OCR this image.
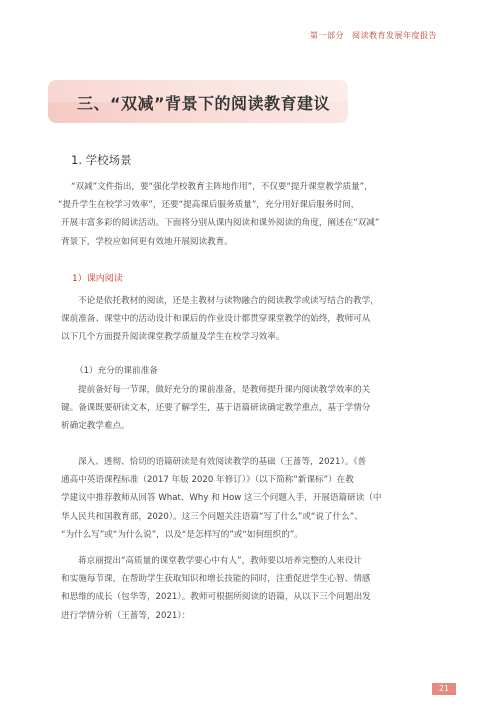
第一部分 阅读教育发展年度报告
三、“双减”背景下的阅读教育建议
1. 学校场景
“双减”文件指出，要“强化学校教育主阵地作用”，不仅要“提升课堂教学质量”，
“提升学生在校学习效率”，还要“提高课后服务质量”，充分用好课后服务时间，
开展丰富多彩的阅读活动。下面将分别从课内阅读和课外阅读的角度，阐述在“双减”
背景下，学校应如何更有效地开展阅读教育。
1）课内阅读
不论是依托教材的阅读，还是主教材与读物融合的阅读教学或读写结合的教学，
课前准备、课堂中的活动设计和课后的作业设计都贯穿课堂教学的始终，教师可从
以下几个方面提升阅读课堂教学质量及学生在校学习效率。
（1）充分的课前准备
提前备好每一节课，做好充分的课前准备，是教师提升课内阅读教学效率的关
键。备课既要研读文本，还要了解学生，基于语篇研读确定教学重点，基于学情分
析确定教学难点。
深入、透彻、恰切的语篇研读是有效阅读教学的基础（王蔷等，2021）。《普
通高中英语课程标准（2017 年版 2020 年修订）》（以下简称“新课标”）在教
学建议中推荐教师从回答 What、Why 和 How 这三个问题入手，开展语篇研读（中
华人民共和国教育部，2020）。这三个问题关注语篇“写了什么”或“说了什么”、
“为什么写”或“为什么说”，以及“是怎样写的”或“如何组织的”。
蒋京丽提出“高质量的课堂教学要心中有人”，教师要以培养完整的人来设计
和实施每节课，在帮助学生获取知识和增长技能的同时，注重促进学生心智、情感
和思维的成长（包华等，2021）。教师可根据所阅读的语篇，从以下三个问题出发
进行学情分析（王蔷等，2021）：
21
